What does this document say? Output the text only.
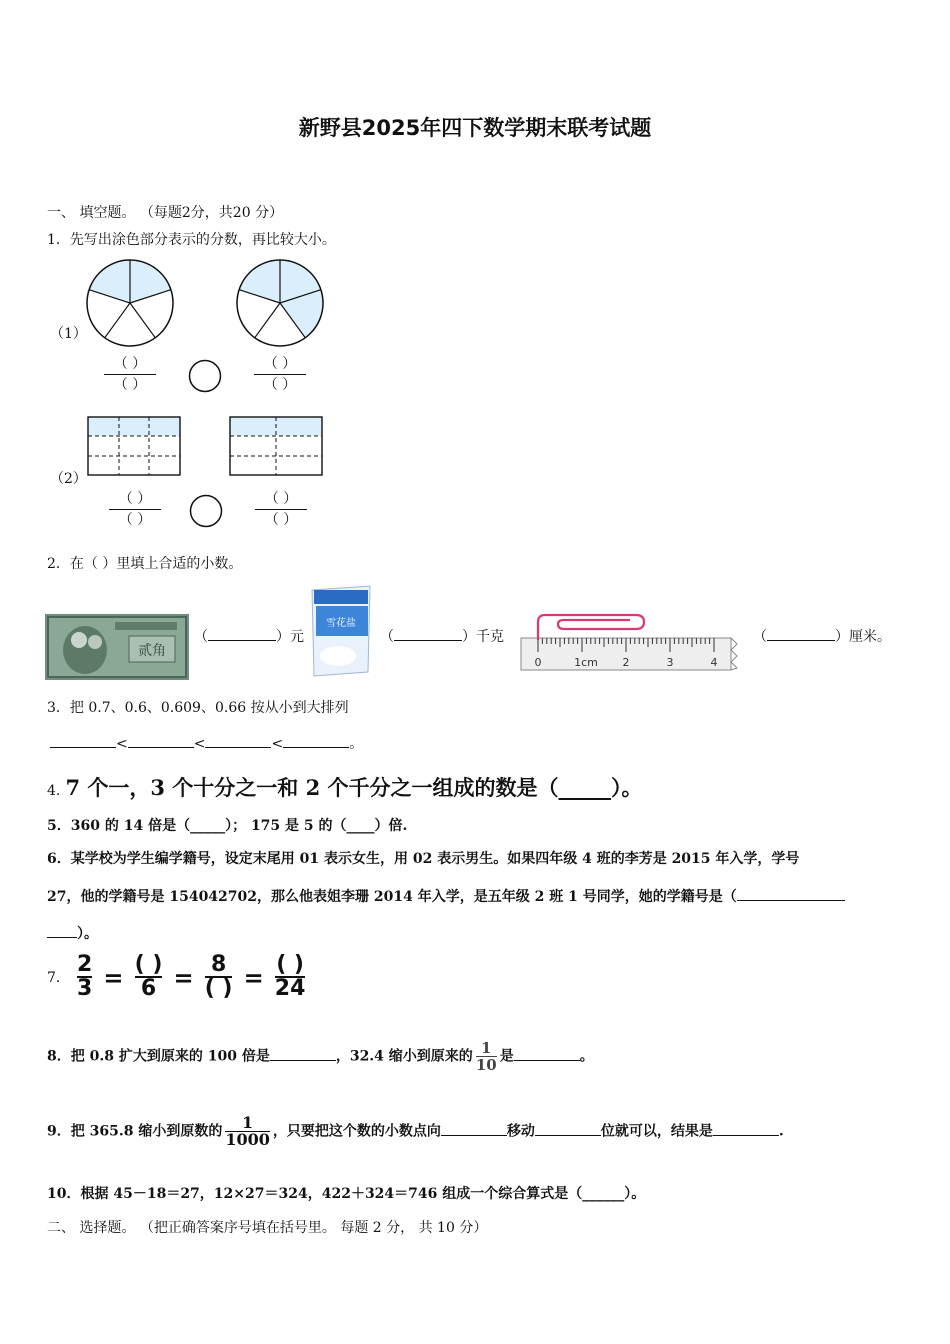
新野县2025年四下数学期末联考试题
一、 填空题。 （每题2分，共20 分）
1．先写出涂色部分表示的分数，再比较大小。
（1）
（2）
（ ）
（ ）
（ ）
（ ）
（ ）
（ ）
（ ）
（ ）
2．在（ ）里填上合适的小数。
贰角
（	）元
雪花盐
（	）千克
0	1cm 2	3	4
（	）厘米。
3．把 0.7、0.6、0.609、0.66 按从小到大排列
<	<	<	。
4. 7 个一，3 个十分之一和 2 个千分之一组成的数是（_____）。
5．360 的 14 倍是（_____）； 175 是 5 的（____）倍.
6．某学校为学生编学籍号，设定末尾用 01 表示女生，用 02 表示男生。如果四年级 4 班的李芳是 2015 年入学，学号
27，他的学籍号是 154042702，那么他表姐李珊 2014 年入学，是五年级 2 班 1 号同学，她的学籍号是（
）。
7． $\frac{2}{3}$ = ( )
6 = 8
( ) = ( )
24
8．把 0.8 扩大到原来的 100 倍是	，32.4 缩小到原来的 $\frac{1}{10}$ 是	。
9．把 365.8 缩小到原数的 $\frac{1}{1000}$ ，只要把这个数的小数点向	移动	位就可以，结果是	.
10．根据 45－18＝27，12×27＝324，422＋324＝746 组成一个综合算式是（______）。
二、 选择题。 （把正确答案序号填在括号里。 每题 2 分， 共 10 分）
